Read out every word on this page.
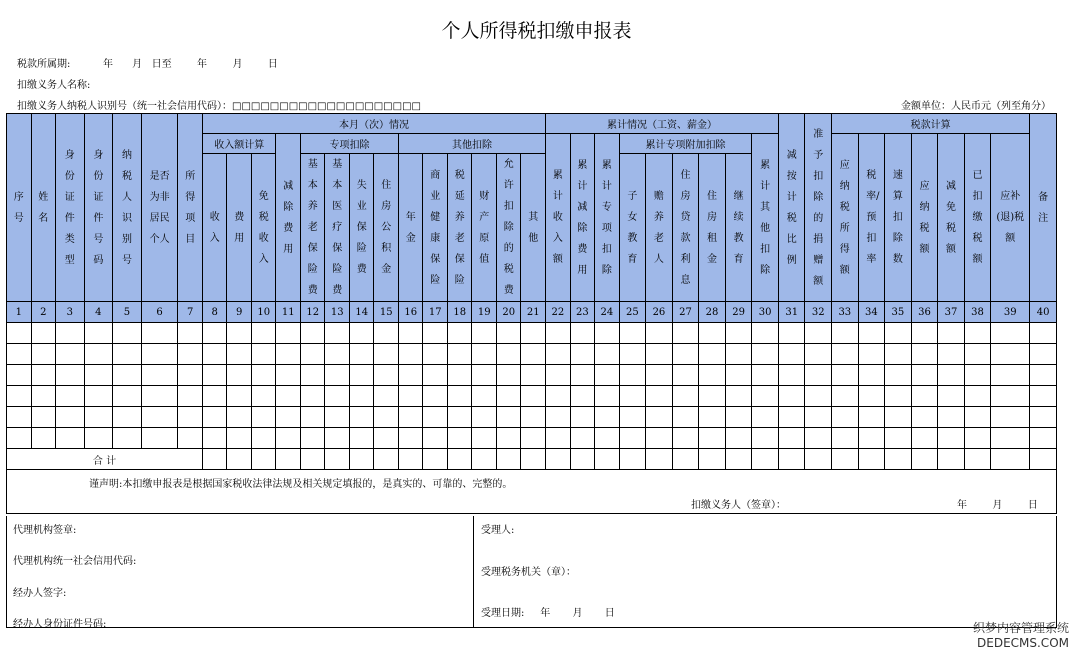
个人所得税扣缴申报表
税款所属期:	年      月   日至        年        月        日
扣缴义务人名称:
扣缴义务人纳税人识别号（统一社会信用代码）：□□□□□□□□□□□□□□□□□□□□	金额单位：人民币元（列至角分）
序号	姓名	身份证件类型	身份证件号码	纳税人识别号	是否为非居民个人	所得项目	本月（次）情况														累计情况（工资、薪金）									减按计税比例	准予扣除的捐赠额	税款计算							备注
							收入额计算			减除费用	专项扣除				其他扣除						累计收入额	累计减除费用	累计专项扣除	累计专项附加扣除					累计其他扣除			应纳税所得额	税率/预扣率	速算扣除数	应纳税额	减免税额	已扣缴税额	应补(退)税额	
							收入	费用	免税收入		基本养老保险费	基本医疗保险费	失业保险费	住房公积金	年金	商业健康保险	税延养老保险	财产原值	允许扣除的税费	其他				子女教育	赡养老人	住房贷款利息	住房租金	继续教育											
1	2	3	4	5	6	7	8	9	10	11	12	13	14	15	16	17	18	19	20	21	22	23	24	25	26	27	28	29	30	31	32	33	34	35	36	37	38	39	40

合 计																																							

谨声明:本扣缴申报表是根据国家税收法律法规及相关规定填报的，是真实的、可靠的、完整的。
扣缴义务人（签章）： 年        月        日																																							
代理机构签章:
代理机构统一社会信用代码:
经办人签字:
经办人身份证件号码:
受理人:
受理税务机关（章）：
受理日期:     年       月       日
织梦内容管理系统
DEDECMS.COM
